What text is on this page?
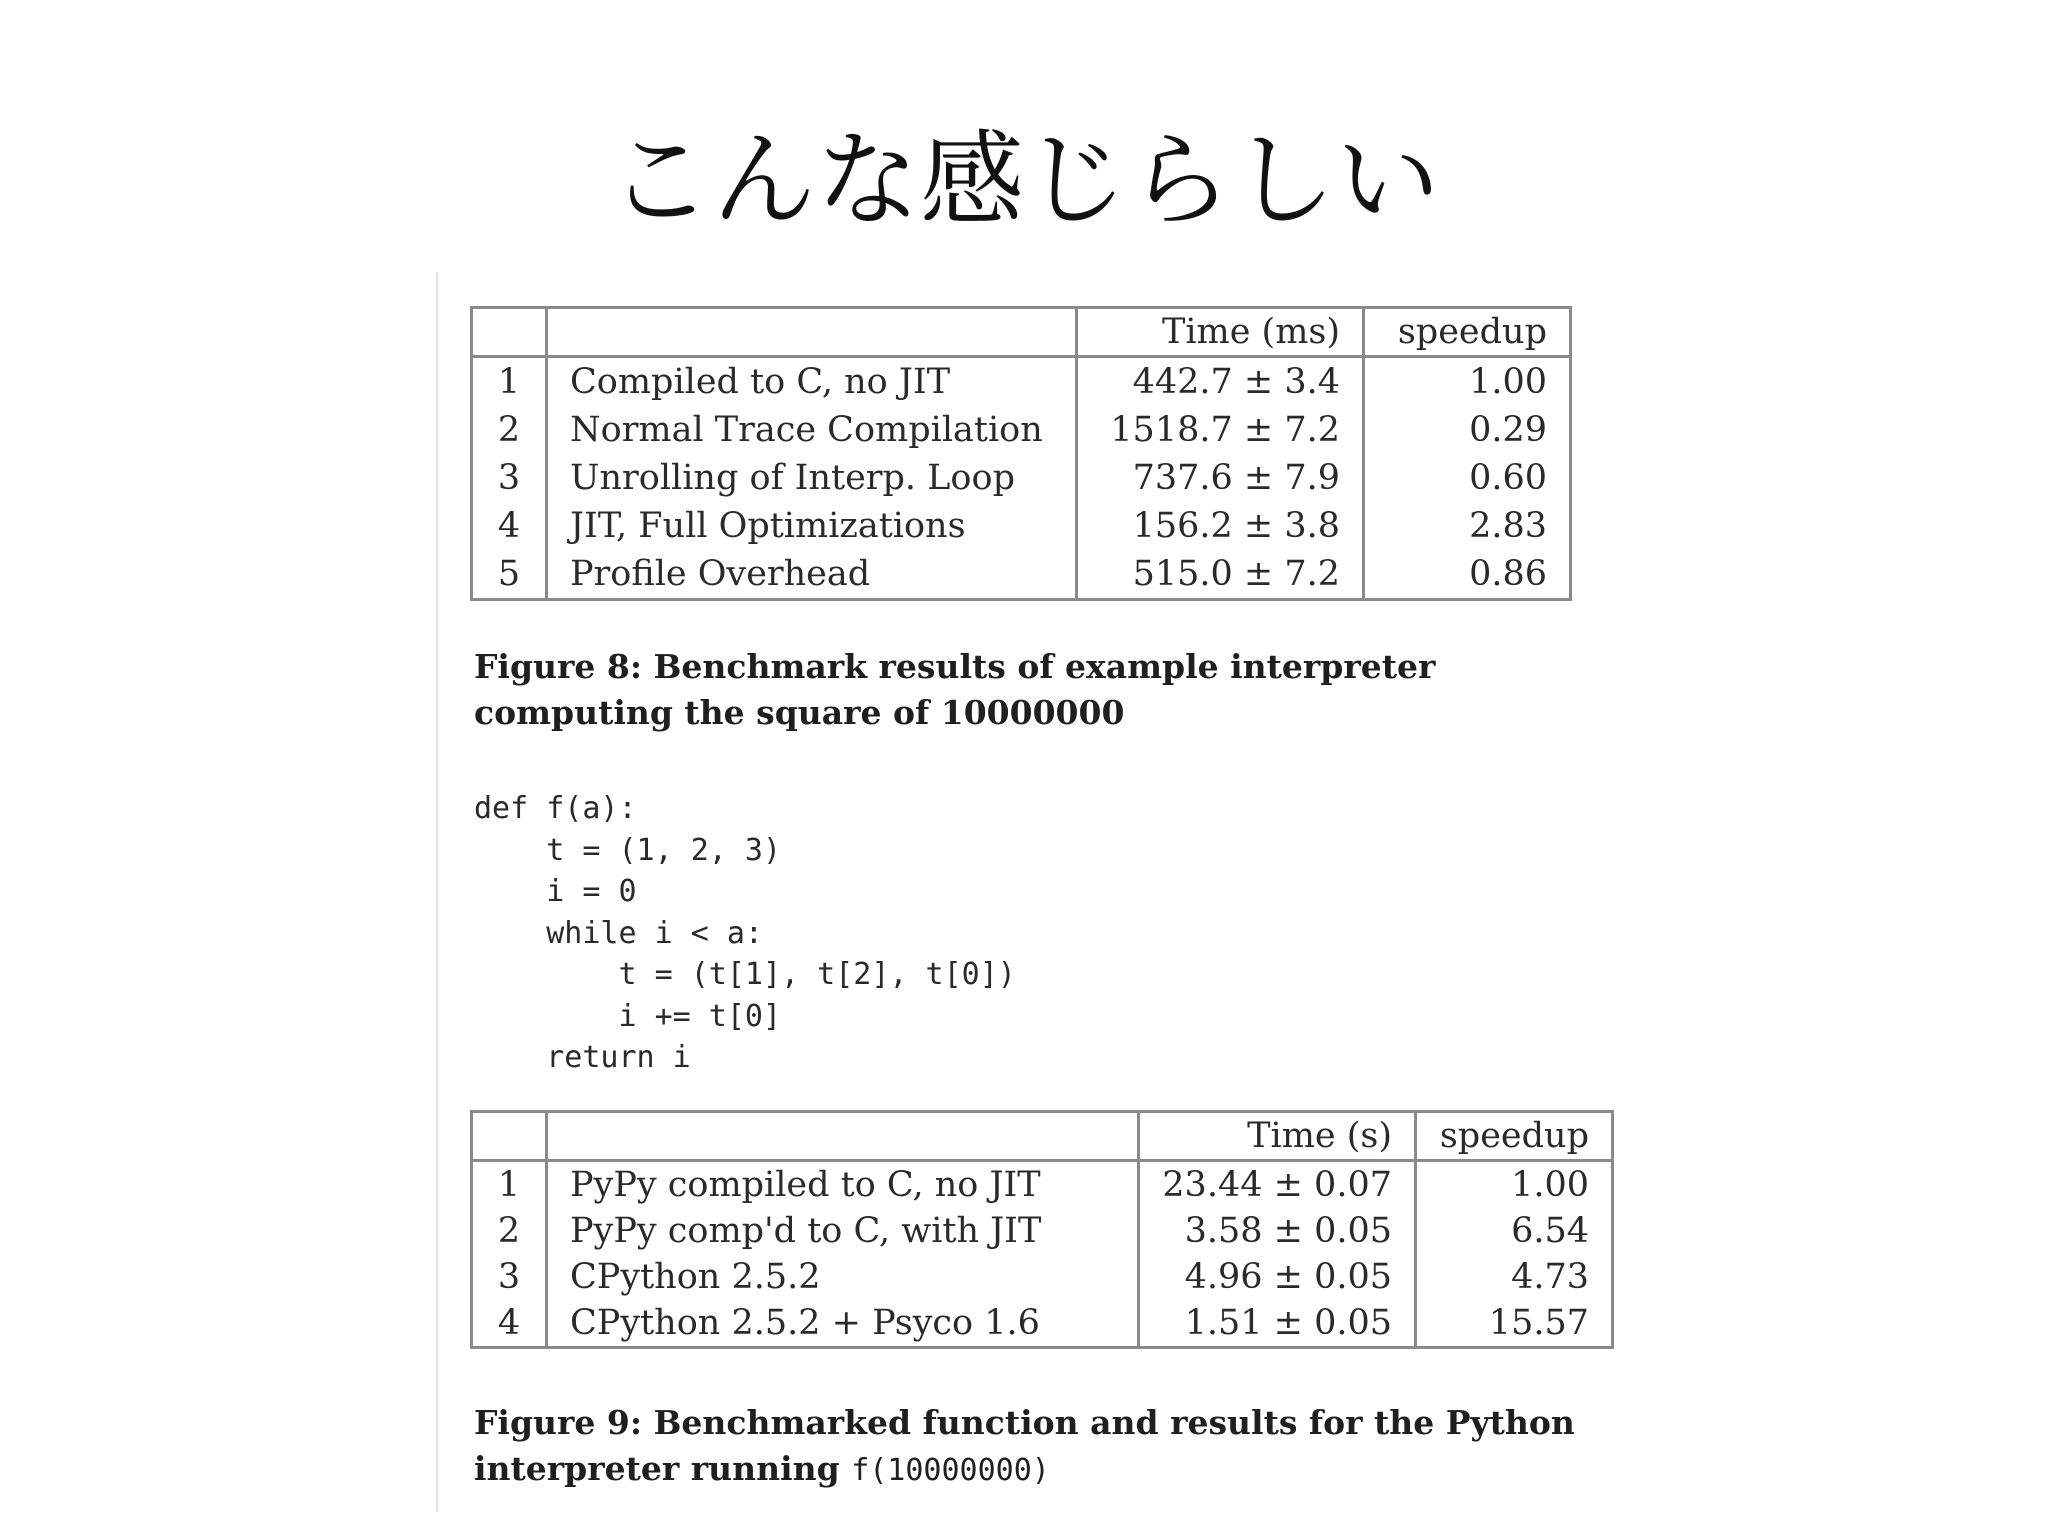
こんな感じらしい
		Time (ms)	speedup
1	Compiled to C, no JIT	442.7 ± 3.4	1.00
2	Normal Trace Compilation	1518.7 ± 7.2	0.29
3	Unrolling of Interp. Loop	737.6 ± 7.9	0.60
4	JIT, Full Optimizations	156.2 ± 3.8	2.83
5	Profile Overhead	515.0 ± 7.2	0.86
Figure 8: Benchmark results of example interpreter computing the square of 10000000
def f(a):
t = (1, 2, 3)
i = 0
while i < a:
t = (t[1], t[2], t[0])
i += t[0]
return i
		Time (s)	speedup
1	PyPy compiled to C, no JIT	23.44 ± 0.07	1.00
2	PyPy comp'd to C, with JIT	3.58 ± 0.05	6.54
3	CPython 2.5.2	4.96 ± 0.05	4.73
4	CPython 2.5.2 + Psyco 1.6	1.51 ± 0.05	15.57
Figure 9: Benchmarked function and results for the Python interpreter running f(10000000)
